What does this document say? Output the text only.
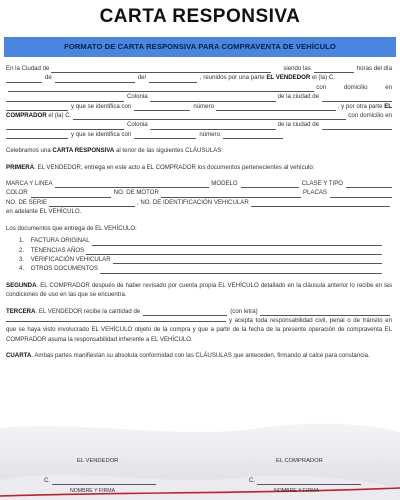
CARTA RESPONSIVA
FORMATO DE CARTA RESPONSIVA PARA COMPRAVENTA DE VEHÍCULO
En la Ciudad de	siendo las	horas del día
de	del	, reunidos por una parte
EL VENDEDOR
el (la) C.
con domicilio en
Colonia	de la ciudad de
y que se identifica con	número	, y por otra parte
EL
COMPRADOR
el (la) C.	con domicilio en
Colonia	de la ciudad de
y que se identifica con	número

Celebramos una CARTA RESPONSIVA al tenor de las siguientes CLÁUSULAS:

PRIMERA. EL VENDEDOR, entrega en este acto a EL COMPRADOR los documentos pertenecientes al vehículo:

MARCA Y LINEA	MODELO	CLASE Y TIPO
COLOR	NO. DE MOTOR	PLACAS
NO. DE SERIE	, NO. DE IDENTIFICACIÓN VEHICULAR

en adelante EL VEHÍCULO.

Los documentos que entrega de EL VEHÍCULO:

1.
	FACTURA ORIGINAL
2.
	TENENCIAS AÑOS
3.
	VERIFICACIÓN VEHICULAR
4.
	OTROS DOCUMENTOS

SEGUNDA. EL COMPRADOR después de haber revisado por cuenta propia EL VEHÍCULO detallado en la cláusula anterior lo recibe en las condiciones de uso en las que se encuentra.

TERCERA . EL VENDEDOR recibe la cantidad de	(con letra)

y acepta toda responsabilidad civil, penal o de tránsito en que se haya visto involucrado EL VEHÍCULO objeto de la compra y que a partir de la fecha de la presente operación de compraventa EL COMPRADOR asuma la responsabilidad inherente a EL VEHÍCULO.

CUARTA. Ambas partes manifiestan su absoluta conformidad con las CLÁUSULAS que anteceden, firmando al calce para constancia.

EL VENDEDOR	EL COMPRADOR
C.	C.
NOMBRE Y FIRMA	NOMBRE Y FIRMA
